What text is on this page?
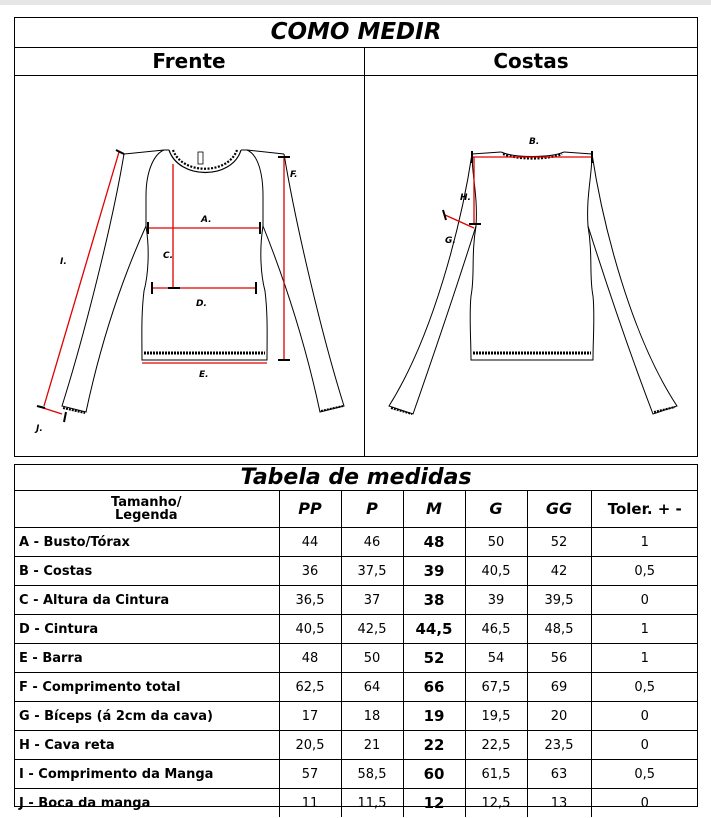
COMO MEDIR
Frente	Costas
A.
C.
D.
E.
F.
I.
J.
B.
H.
G.
Tabela de medidas
Tamanho/
Legenda	PP	P	M	G	GG	Toler. + -
A - Busto/Tórax	44	46	48	50	52	1
B - Costas	36	37,5	39	40,5	42	0,5
C - Altura da Cintura	36,5	37	38	39	39,5	0
D - Cintura	40,5	42,5	44,5	46,5	48,5	1
E - Barra	48	50	52	54	56	1
F - Comprimento total	62,5	64	66	67,5	69	0,5
G - Bíceps (á 2cm da cava)	17	18	19	19,5	20	0
H - Cava reta	20,5	21	22	22,5	23,5	0
I - Comprimento da Manga	57	58,5	60	61,5	63	0,5
J - Boca da manga	11	11,5	12	12,5	13	0
